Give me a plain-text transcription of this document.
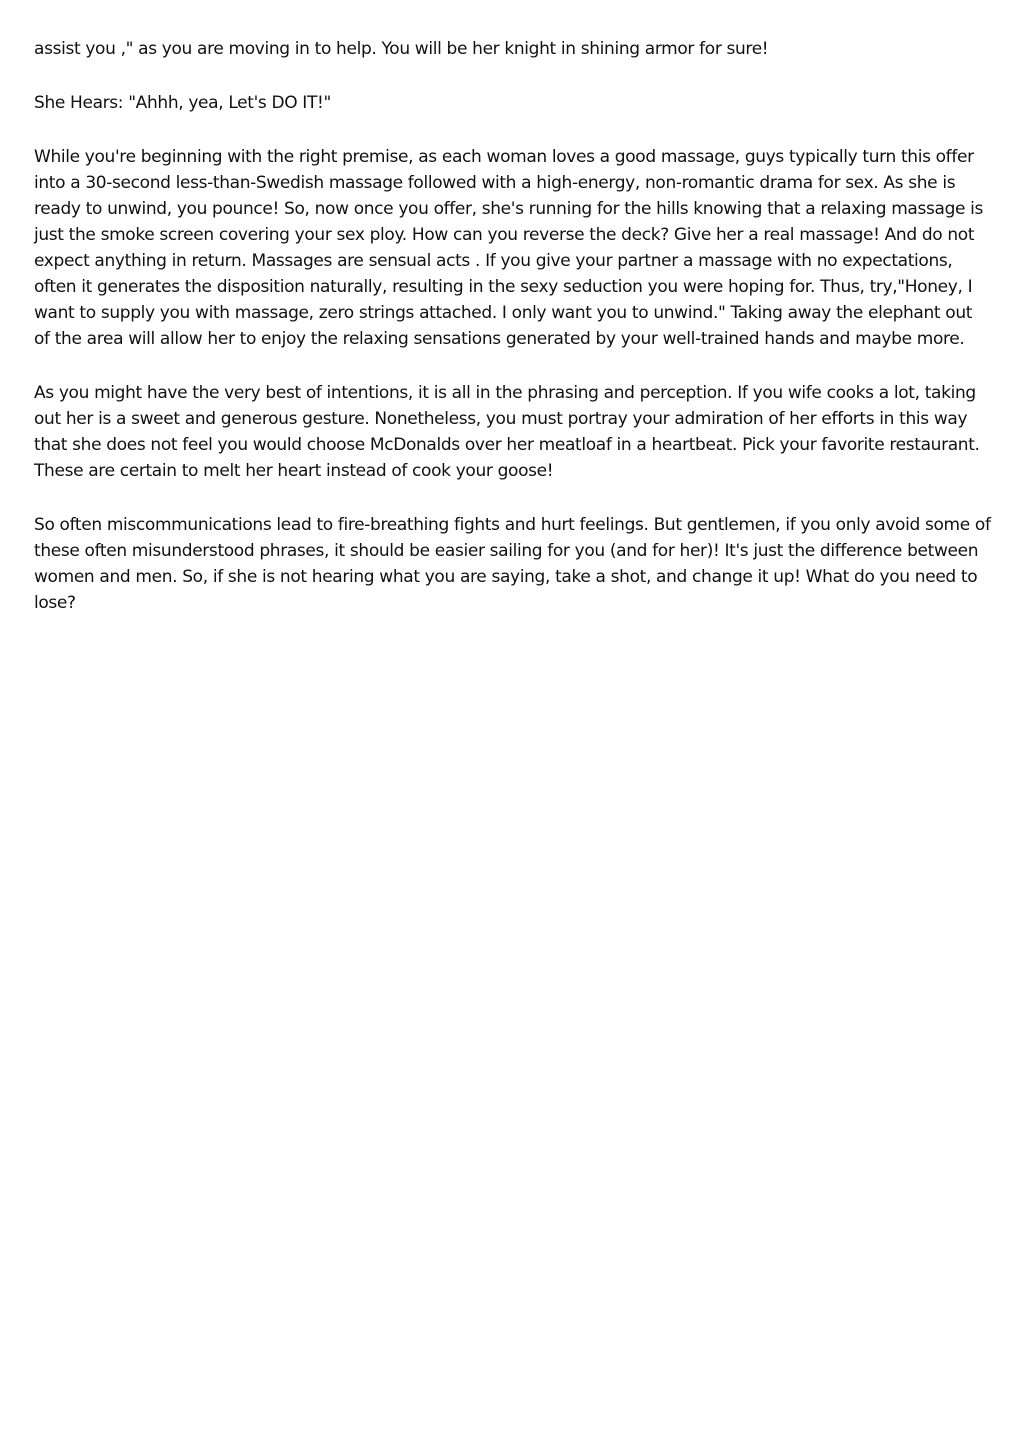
assist you ," as you are moving in to help. You will be her knight in shining armor for sure!

She Hears: "Ahhh, yea, Let's DO IT!"

While you're beginning with the right premise, as each woman loves a good massage, guys typically turn this offer into a 30-second less-than-Swedish massage followed with a high-energy, non-romantic drama for sex. As she is ready to unwind, you pounce! So, now once you offer, she's running for the hills knowing that a relaxing massage is just the smoke screen covering your sex ploy. How can you reverse the deck? Give her a real massage! And do not expect anything in return. Massages are sensual acts . If you give your partner a massage with no expectations, often it generates the disposition naturally, resulting in the sexy seduction you were hoping for. Thus, try,"Honey, I want to supply you with massage, zero strings attached. I only want you to unwind." Taking away the elephant out of the area will allow her to enjoy the relaxing sensations generated by your well-trained hands and maybe more.

As you might have the very best of intentions, it is all in the phrasing and perception. If you wife cooks a lot, taking out her is a sweet and generous gesture. Nonetheless, you must portray your admiration of her efforts in this way that she does not feel you would choose McDonalds over her meatloaf in a heartbeat. Pick your favorite restaurant. These are certain to melt her heart instead of cook your goose!

So often miscommunications lead to fire-breathing fights and hurt feelings. But gentlemen, if you only avoid some of these often misunderstood phrases, it should be easier sailing for you (and for her)! It's just the difference between women and men. So, if she is not hearing what you are saying, take a shot, and change it up! What do you need to lose?
